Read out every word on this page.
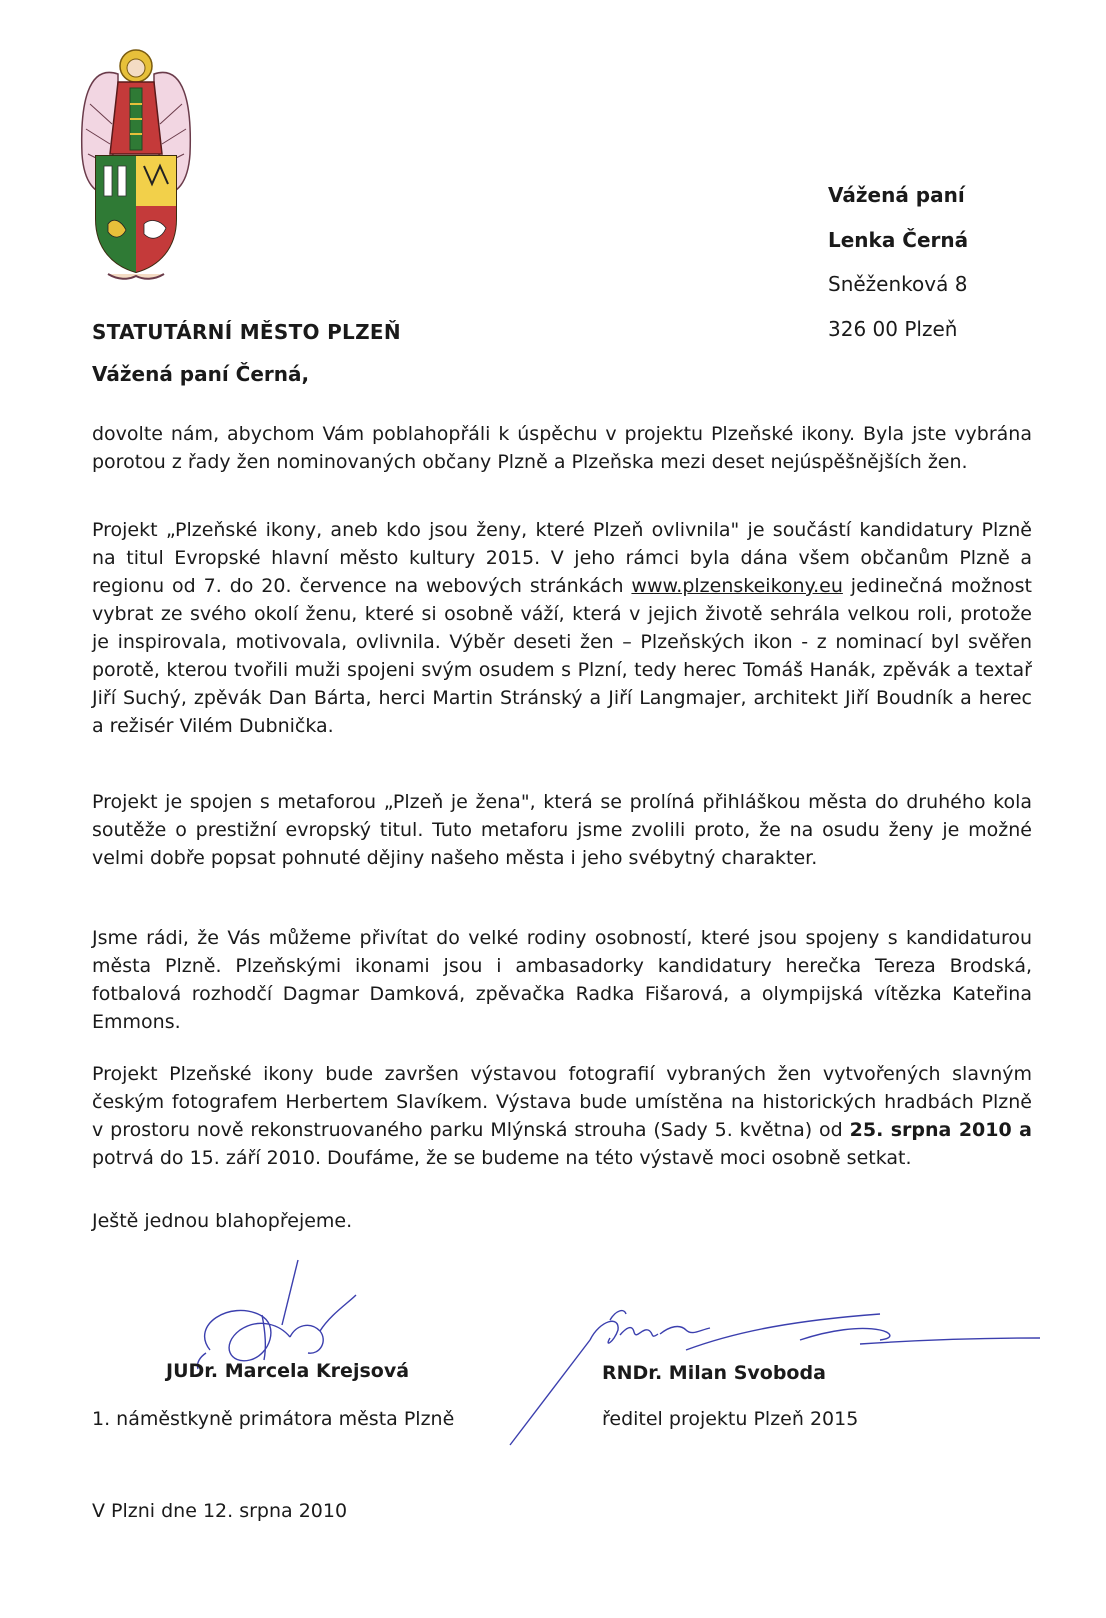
Vážená paní
Lenka Černá
Sněženková 8
326 00 Plzeň
STATUTÁRNÍ MĚSTO PLZEŇ
Vážená paní Černá,

dovolte nám, abychom Vám poblahopřáli k úspěchu v projektu Plzeňské ikony. Byla jste vybrána porotou z řady žen nominovaných občany Plzně a Plzeňska mezi deset nejúspěšnějších žen.

Projekt „Plzeňské ikony, aneb kdo jsou ženy, které Plzeň ovlivnila" je součástí kandidatury Plzně na titul Evropské hlavní město kultury 2015. V jeho rámci byla dána všem občanům Plzně a regionu od 7. do 20. července na webových stránkách www.plzenskeikony.eu jedinečná možnost vybrat ze svého okolí ženu, které si osobně váží, která v jejich životě sehrála velkou roli, protože je inspirovala, motivovala, ovlivnila. Výběr deseti žen – Plzeňských ikon - z nominací byl svěřen porotě, kterou tvořili muži spojeni svým osudem s Plzní, tedy herec Tomáš Hanák, zpěvák a textař Jiří Suchý, zpěvák Dan Bárta, herci Martin Stránský a Jiří Langmajer, architekt Jiří Boudník a herec a režisér Vilém Dubnička.

Projekt je spojen s metaforou „Plzeň je žena", která se prolíná přihláškou města do druhého kola soutěže o prestižní evropský titul. Tuto metaforu jsme zvolili proto, že na osudu ženy je možné velmi dobře popsat pohnuté dějiny našeho města i jeho svébytný charakter.

Jsme rádi, že Vás můžeme přivítat do velké rodiny osobností, které jsou spojeny s kandidaturou města Plzně. Plzeňskými ikonami jsou i ambasadorky kandidatury herečka Tereza Brodská, fotbalová rozhodčí Dagmar Damková, zpěvačka Radka Fišarová, a olympijská vítězka Kateřina Emmons.

Projekt Plzeňské ikony bude završen výstavou fotografií vybraných žen vytvořených slavným českým fotografem Herbertem Slavíkem. Výstava bude umístěna na historických hradbách Plzně v prostoru nově rekonstruovaného parku Mlýnská strouha (Sady 5. května) od 25. srpna 2010 a potrvá do 15. září 2010. Doufáme, že se budeme na této výstavě moci osobně setkat.

Ještě jednou blahopřejeme.
JUDr. Marcela Krejsová	RNDr. Milan Svoboda
1. náměstkyně primátora města Plzně	ředitel projektu Plzeň 2015
V Plzni dne 12. srpna 2010
